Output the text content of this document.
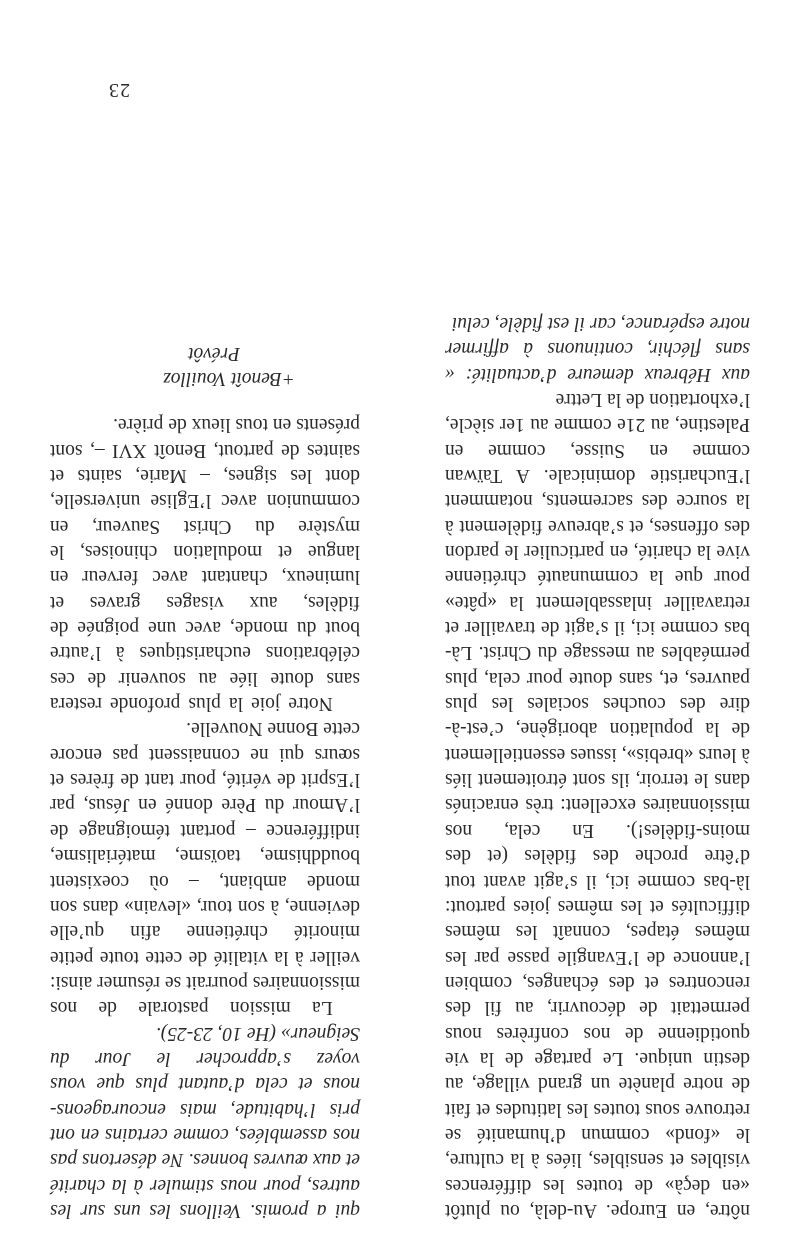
nôtre, en Europe. Au-delà, ou plutôt «en deçà» de toutes les différences visibles et sensibles, liées à la culture, le «fond» commun d’humanité se retrouve sous toutes les latitudes et fait de notre planète un grand village, au destin unique. Le partage de la vie quotidienne de nos confrères nous permettait de découvrir, au fil des rencontres et des échanges, combien l’annonce de l’Evangile passe par les mêmes étapes, connaît les mêmes difficultés et les mêmes joies partout: là-bas comme ici, il s’agit avant tout d’être proche des fidèles (et des moins-fidèles!). En cela, nos missionnaires excellent: très enracinés dans le terroir, ils sont étroitement liés à leurs «brebis», issues essentiellement de la population aborigène, c’est-à-dire des couches sociales les plus pauvres, et, sans doute pour cela, plus perméables au message du Christ. Là-bas comme ici, il s’agit de travailler et retravailler inlassablement la «pâte» pour que la communauté chrétienne vive la charité, en particulier le pardon des offenses, et s’abreuve fidèlement à la source des sacrements, notamment l’Eucharistie dominicale. A Taïwan comme en Suisse, comme en Palestine, au 21e comme au 1er siècle, l’exhortation de la Lettre

aux Hébreux demeure d’actualité: « sans fléchir, continuons à affirmer notre espérance, car il est fidèle, celui

qui a promis. Veillons les uns sur les autres, pour nous stimuler à la charité et aux œuvres bonnes. Ne désertons pas nos assemblées, comme certains en ont pris l’habitude, mais encourageons-nous et cela d’autant plus que vous voyez s’approcher le Jour du Seigneur» (He 10, 23-25).

La mission pastorale de nos missionnaires pourrait se résumer ainsi: veiller à la vitalité de cette toute petite minorité chrétienne afin qu’elle devienne, à son tour, «levain» dans son monde ambiant, – où coexistent bouddhisme, taoïsme, matérialisme, indifférence – portant témoignage de l’Amour du Père donné en Jésus, par l’Esprit de vérité, pour tant de frères et sœurs qui ne connaissent pas encore cette Bonne Nouvelle.

Notre joie la plus profonde restera sans doute liée au souvenir de ces célébrations eucharistiques à l’autre bout du monde, avec une poignée de fidèles, aux visages graves et lumineux, chantant avec ferveur en langue et modulation chinoises, le mystère du Christ Sauveur, en communion avec l’Eglise universelle, dont les signes, – Marie, saints et saintes de partout, Benoît XVI –, sont présents en tous lieux de prière.

+Benoît Vouilloz
Prévôt
23
